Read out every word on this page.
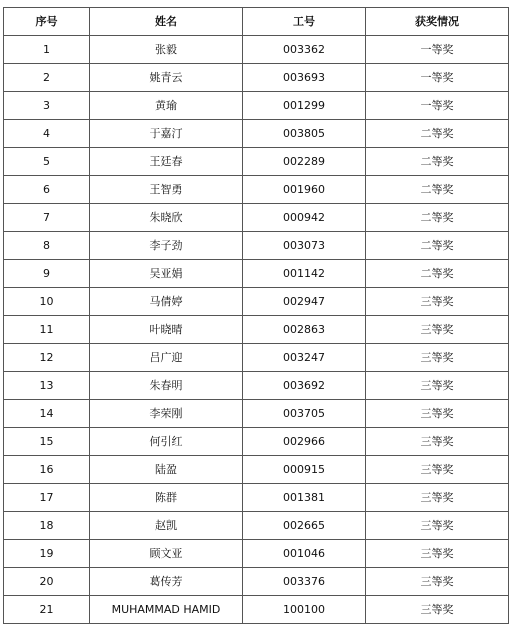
序号	姓名	工号	获奖情况
1	张毅	003362	一等奖
2	姚青云	003693	一等奖
3	黄瑜	001299	一等奖
4	于嘉汀	003805	二等奖
5	王廷春	002289	二等奖
6	王智勇	001960	二等奖
7	朱晓欣	000942	二等奖
8	李子劲	003073	二等奖
9	吴亚娟	001142	二等奖
10	马倩婷	002947	三等奖
11	叶晓晴	002863	三等奖
12	吕广迎	003247	三等奖
13	朱春明	003692	三等奖
14	李荣刚	003705	三等奖
15	何引红	002966	三等奖
16	陆盈	000915	三等奖
17	陈群	001381	三等奖
18	赵凯	002665	三等奖
19	顾文亚	001046	三等奖
20	葛传芳	003376	三等奖
21	MUHAMMAD HAMID	100100	三等奖
